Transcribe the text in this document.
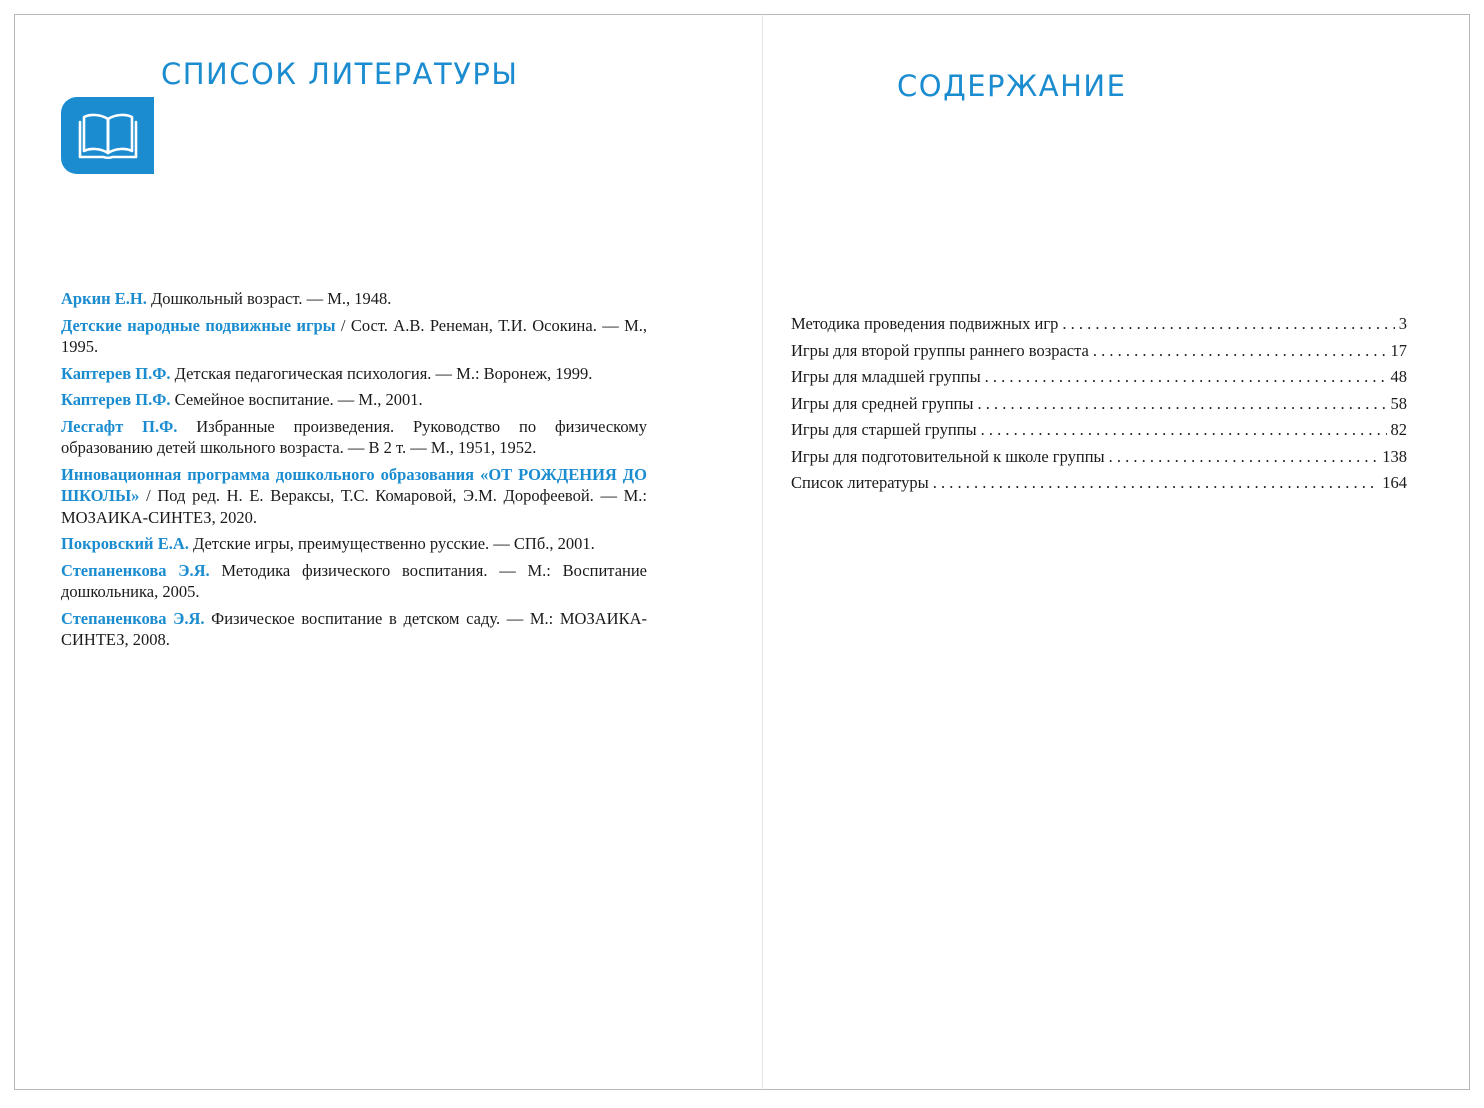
СПИСОК ЛИТЕРАТУРЫ

Аркин Е.Н. Дошкольный возраст. — М., 1948.

Детские народные подвижные игры / Сост. А.В. Ренеман, Т.И. Осокина. — М., 1995.

Каптерев П.Ф. Детская педагогическая психология. — М.: Воронеж, 1999.

Каптерев П.Ф. Семейное воспитание. — М., 2001.

Лесгафт П.Ф. Избранные произведения. Руководство по физическому образованию детей школьного возраста. — В 2 т. — М., 1951, 1952.

Инновационная программа дошкольного образования «ОТ РОЖДЕНИЯ ДО ШКОЛЫ» / Под ред. Н. Е. Вераксы, Т.С. Комаровой, Э.М. Дорофеевой. — М.: МОЗАИКА-СИНТЕЗ, 2020.

Покровский Е.А. Детские игры, преимущественно русские. — СПб., 2001.

Степаненкова Э.Я. Методика физического воспитания. — М.: Воспитание дошкольника, 2005.

Степаненкова Э.Я. Физическое воспитание в детском саду. — М.: МОЗАИКА-СИНТЕЗ, 2008.

СОДЕРЖАНИЕ
Методика проведения подвижных игр . . .	3
Игры для второй группы раннего возраста . . .	17
Игры для младшей группы . . .	48
Игры для средней группы . . .	58
Игры для старшей группы . . .	82
Игры для подготовительной к школе группы . . .	138
Список литературы . . .	164
